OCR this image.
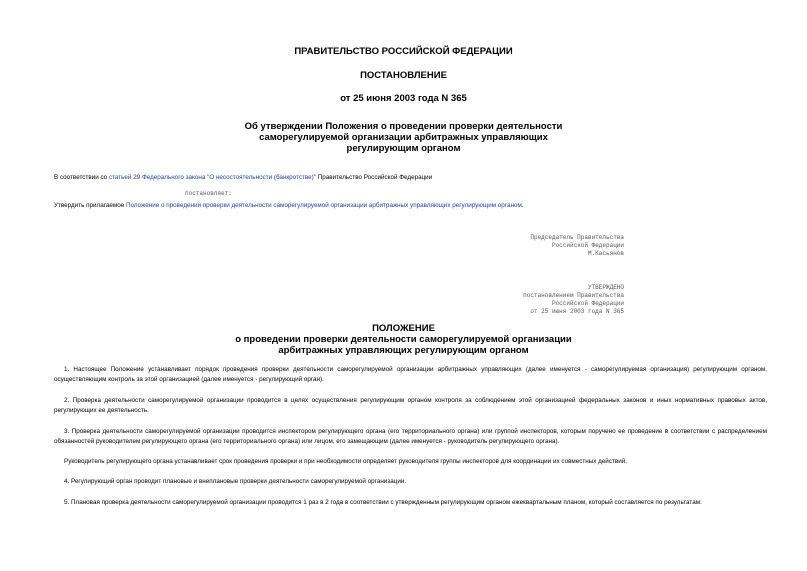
ПРАВИТЕЛЬСТВО РОССИЙСКОЙ ФЕДЕРАЦИИ
ПОСТАНОВЛЕНИЕ
от 25 июня 2003 года N 365
Об утверждении Положения о проведении проверки деятельности
саморегулируемой организации арбитражных управляющих
регулирующим органом
В соответствии со статьей 29 Федерального закона "О несостоятельности (банкротстве)" Правительство Российской Федерации
постановляет:
Утвердить прилагаемое Положение о проведении проверки деятельности саморегулируемой организации арбитражных управляющих регулирующим органом.
Председатель Правительства
Российской Федерации
М.Касьянов
УТВЕРЖДЕНО
постановлением Правительства
Российской Федерации
от 25 июня 2003 года N 365
ПОЛОЖЕНИЕ
о проведении проверки деятельности саморегулируемой организации
арбитражных управляющих регулирующим органом
1. Настоящее Положение устанавливает порядок проведения проверки деятельности саморегулируемой организации арбитражных управляющих (далее именуется - саморегулируемая организация) регулирующим органом, осуществляющим контроль за этой организацией (далее именуется - регулирующий орган).
2. Проверка деятельности саморегулируемой организации проводится в целях осуществления регулирующим органом контроля за соблюдением этой организацией федеральных законов и иных нормативных правовых актов, регулирующих ее деятельность.
3. Проверка деятельности саморегулируемой организации проводится инспектором регулирующего органа (его территориального органа) или группой инспекторов, которым поручено ее проведение в соответствии с распределением обязанностей руководителем регулирующего органа (его территориального органа) или лицом, его замещающим (далее именуется - руководитель регулирующего органа).
Руководитель регулирующего органа устанавливает срок проведения проверки и при необходимости определяет руководителя группы инспекторов для координации их совместных действий.
4. Регулирующий орган проводит плановые и внеплановые проверки деятельности саморегулируемой организации.
5. Плановая проверка деятельности саморегулируемой организации проводится 1 раз в 2 года в соответствии с утвержденным регулирующим органом ежеквартальным планом, который составляется по результатам:
